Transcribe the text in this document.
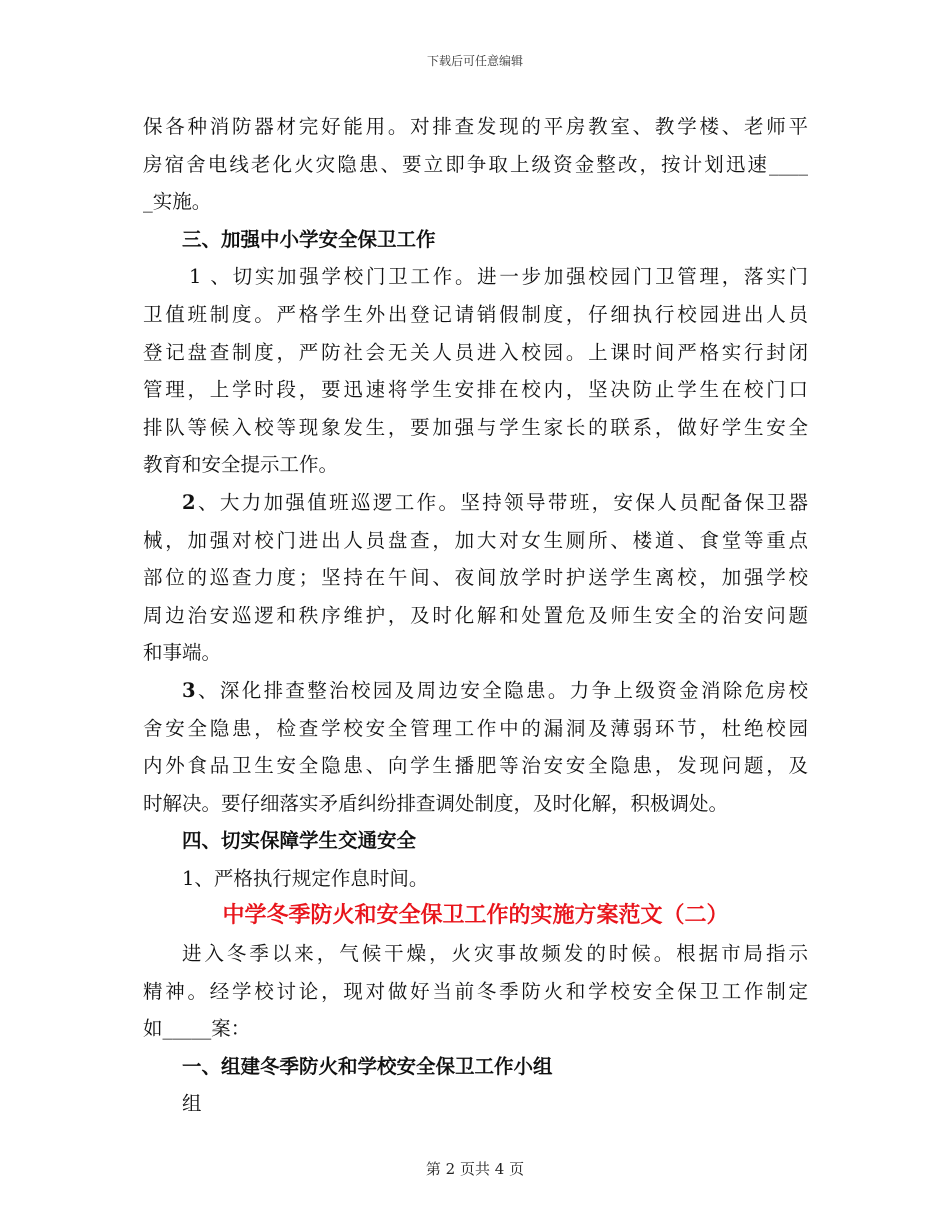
下载后可任意编辑
保各种消防器材完好能用。对排查发现的平房教室、教学楼、老师平
房宿舍电线老化火灾隐患、要立即争取上级资金整改，按计划迅速____
_实施。
三、加强中小学安全保卫工作
1 、切实加强学校门卫工作。进一步加强校园门卫管理，落实门
卫值班制度。严格学生外出登记请销假制度，仔细执行校园进出人员
登记盘查制度，严防社会无关人员进入校园。上课时间严格实行封闭
管理，上学时段，要迅速将学生安排在校内，坚决防止学生在校门口
排队等候入校等现象发生，要加强与学生家长的联系，做好学生安全
教育和安全提示工作。
2、大力加强值班巡逻工作。坚持领导带班，安保人员配备保卫器
械，加强对校门进出人员盘查，加大对女生厕所、楼道、食堂等重点
部位的巡查力度；坚持在午间、夜间放学时护送学生离校，加强学校
周边治安巡逻和秩序维护，及时化解和处置危及师生安全的治安问题
和事端。
3、深化排查整治校园及周边安全隐患。力争上级资金消除危房校
舍安全隐患，检查学校安全管理工作中的漏洞及薄弱环节，杜绝校园
内外食品卫生安全隐患、向学生播肥等治安安全隐患，发现问题，及
时解决。要仔细落实矛盾纠纷排查调处制度，及时化解，积极调处。
四、切实保障学生交通安全
1、严格执行规定作息时间。
中学冬季防火和安全保卫工作的实施方案范文（二）
进入冬季以来，气候干燥，火灾事故频发的时候。根据市局指示
精神。经学校讨论，现对做好当前冬季防火和学校安全保卫工作制定
如_____案：
一、组建冬季防火和学校安全保卫工作小组
组
第 2 页共 4 页
